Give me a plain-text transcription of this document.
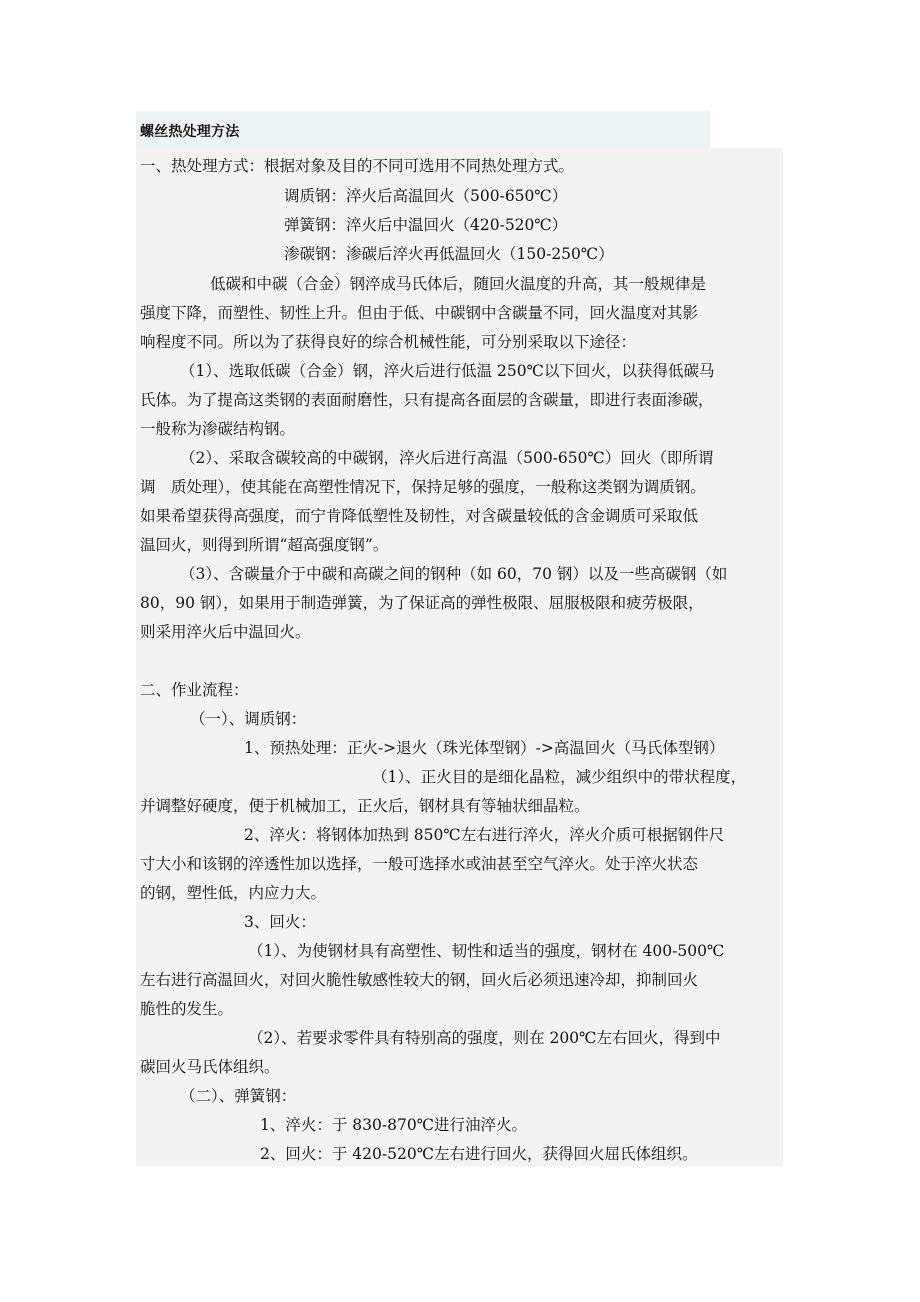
螺丝热处理方法
一、热处理方式：根据对象及目的不同可选用不同热处理方式。
调质钢：淬火后高温回火（500-650℃）
弹簧钢：淬火后中温回火（420-520℃）
渗碳钢：渗碳后淬火再低温回火（150-250℃）
低碳和中碳（合金）钢淬成马氏体后，随回火温度的升高，其一般规律是
强度下降，而塑性、韧性上升。但由于低、中碳钢中含碳量不同，回火温度对其影
响程度不同。所以为了获得良好的综合机械性能，可分别采取以下途径：
（1）、选取低碳（合金）钢，淬火后进行低温 250℃以下回火，以获得低碳马
氏体。为了提高这类钢的表面耐磨性，只有提高各面层的含碳量，即进行表面渗碳，
一般称为渗碳结构钢。
（2）、采取含碳较高的中碳钢，淬火后进行高温（500-650℃）回火（即所谓
调　质处理），使其能在高塑性情况下，保持足够的强度，一般称这类钢为调质钢。
如果希望获得高强度，而宁肯降低塑性及韧性，对含碳量较低的含金调质可采取低
温回火，则得到所谓“超高强度钢”。
（3）、含碳量介于中碳和高碳之间的钢种（如 60，70 钢）以及一些高碳钢（如
80，90 钢），如果用于制造弹簧，为了保证高的弹性极限、屈服极限和疲劳极限，
则采用淬火后中温回火。
二、作业流程：
（一）、调质钢：
1、预热处理：正火->退火（珠光体型钢）->高温回火（马氏体型钢）
（1）、正火目的是细化晶粒，减少组织中的带状程度，
并调整好硬度，便于机械加工，正火后，钢材具有等轴状细晶粒。
2、淬火：将钢体加热到 850℃左右进行淬火，淬火介质可根据钢件尺
寸大小和该钢的淬透性加以选择，一般可选择水或油甚至空气淬火。处于淬火状态
的钢，塑性低，内应力大。
3、回火：
（1）、为使钢材具有高塑性、韧性和适当的强度，钢材在 400-500℃
左右进行高温回火，对回火脆性敏感性较大的钢，回火后必须迅速冷却，抑制回火
脆性的发生。
（2）、若要求零件具有特别高的强度，则在 200℃左右回火，得到中
碳回火马氏体组织。
（二）、弹簧钢：
1、淬火：于 830-870℃进行油淬火。
2、回火：于 420-520℃左右进行回火，获得回火屈氏体组织。
